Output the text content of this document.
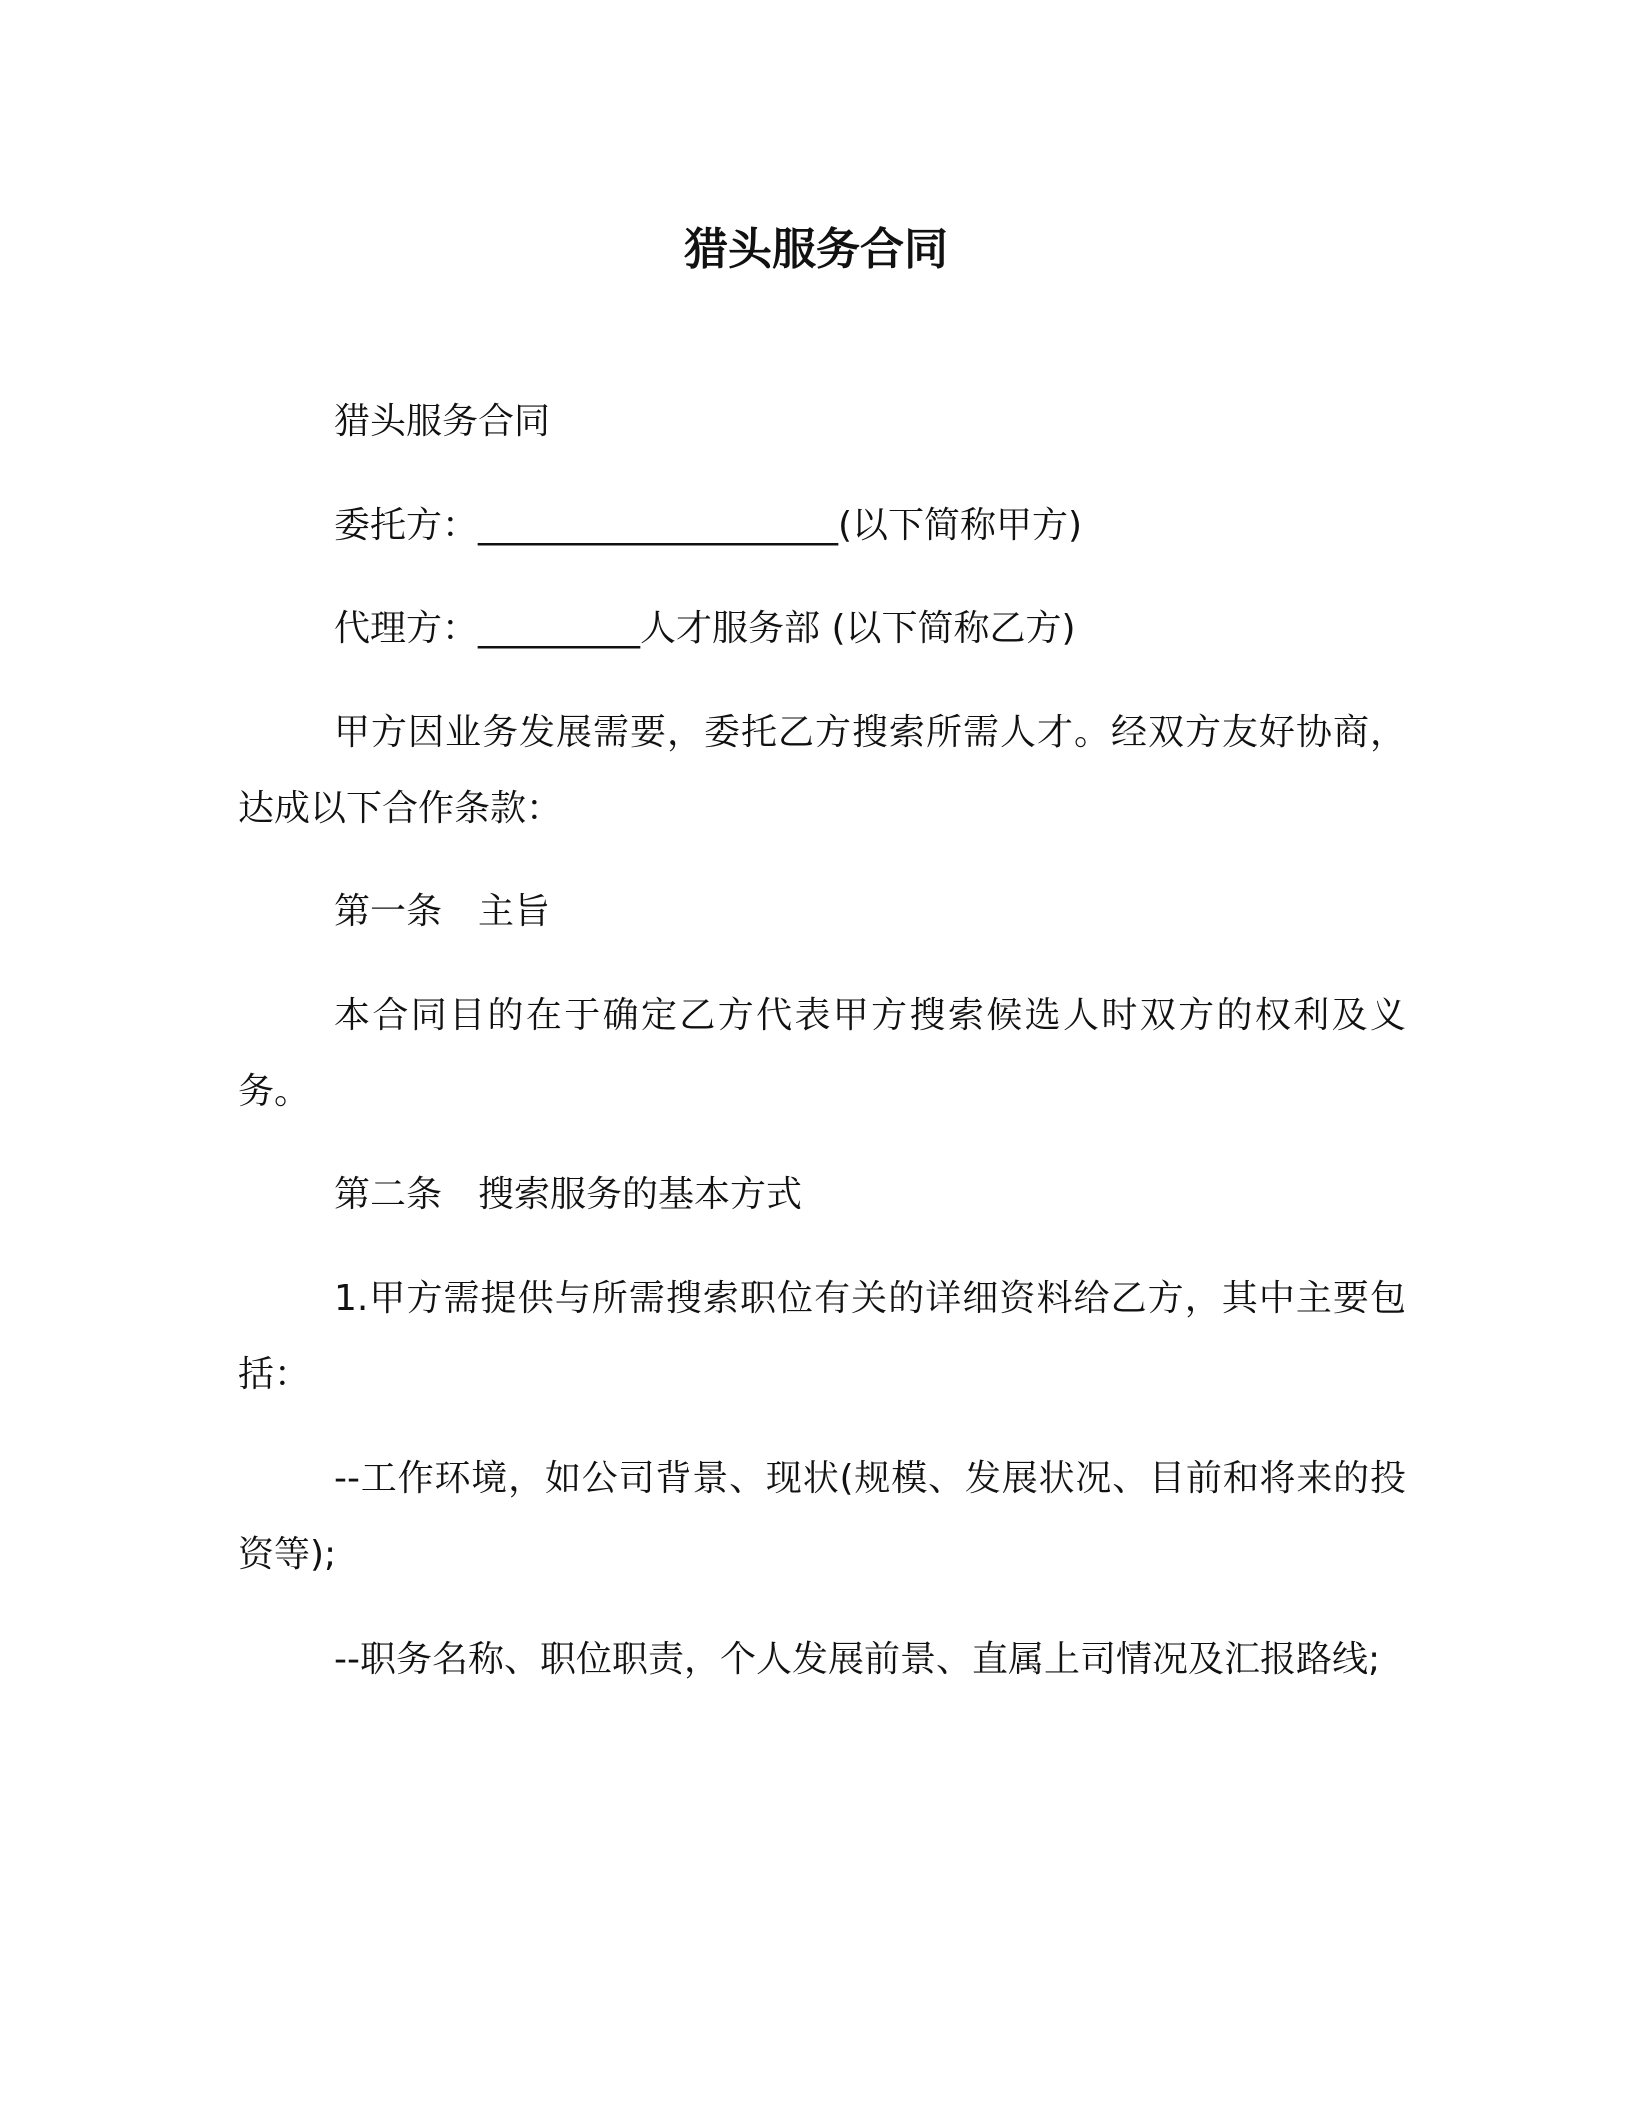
猎头服务合同

猎头服务合同

委托方：____________________(以下简称甲方)

代理方：_________人才服务部 (以下简称乙方)

甲方因业务发展需要，委托乙方搜索所需人才。经双方友好协商，达成以下合作条款：

第一条　主旨

本合同目的在于确定乙方代表甲方搜索候选人时双方的权利及义务。

第二条　搜索服务的基本方式

1.甲方需提供与所需搜索职位有关的详细资料给乙方，其中主要包括：

--工作环境，如公司背景、现状(规模、发展状况、目前和将来的投资等);

--职务名称、职位职责，个人发展前景、直属上司情况及汇报路线;
